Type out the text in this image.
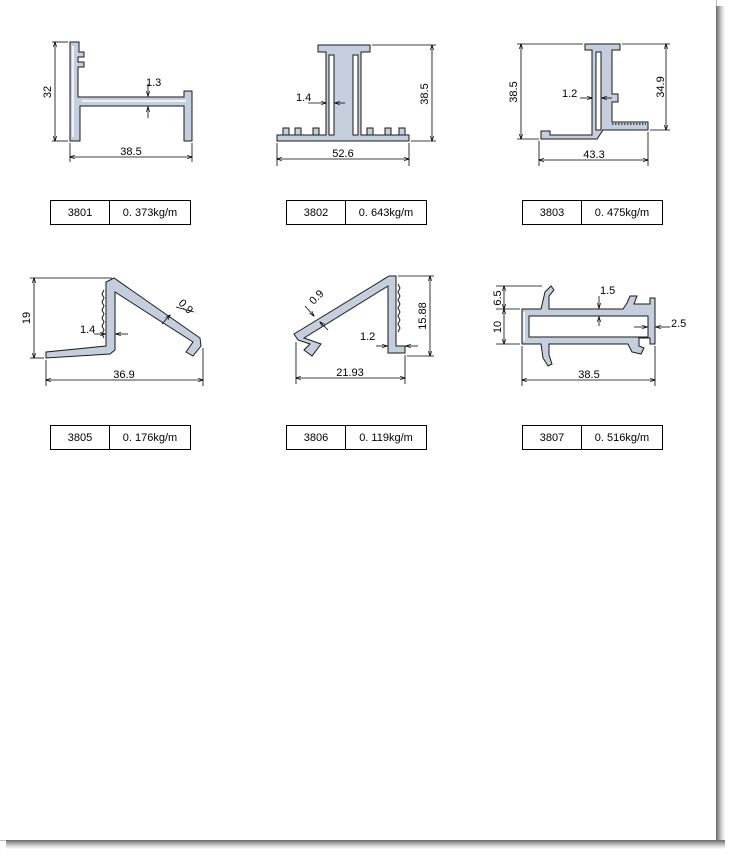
32
1.3
38.5
1.4	38.5
52.6
38.5	1.2	34.9
43.3
19
1.4
0.9
36.9
0.9
1.2
15.88
21.93
6.5
10
1.5
2.5
38.5
3801	0. 373kg/m	3802	0. 643kg/m	3803	0. 475kg/m
3805	0. 176kg/m	3806	0. 119kg/m	3807	0. 516kg/m
